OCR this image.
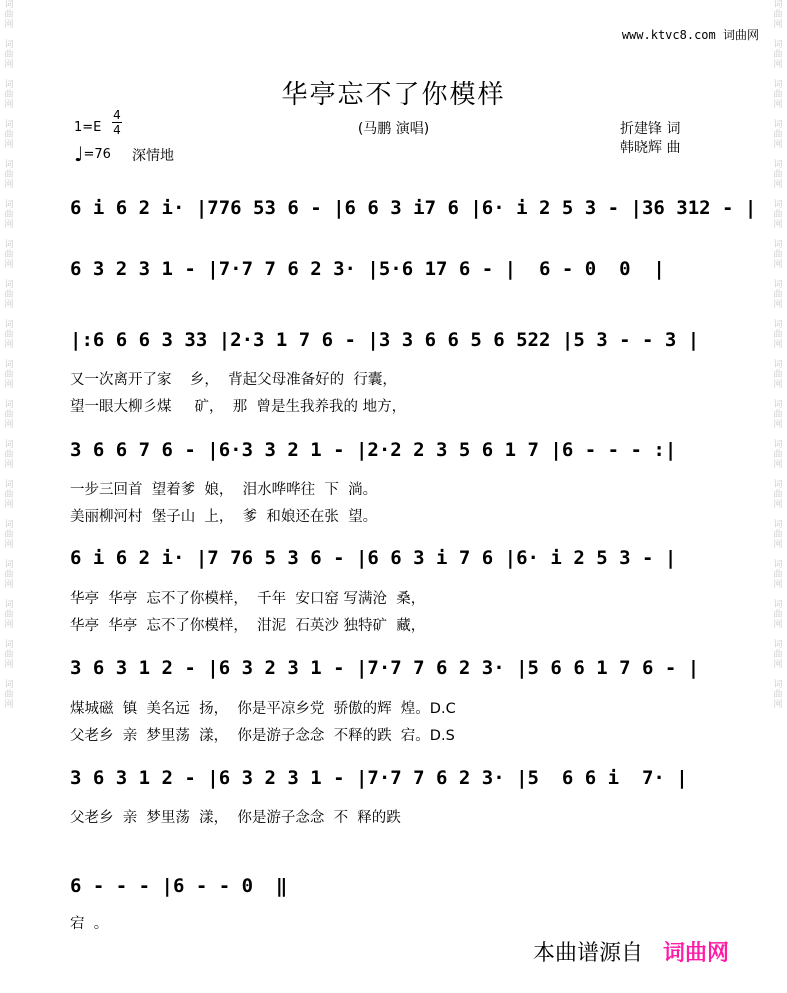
词
曲
网

词
曲
网

词
曲
网

词
曲
网

词
曲
网

词
曲
网

词
曲
网

词
曲
网

词
曲
网

词
曲
网

词
曲
网

词
曲
网

词
曲
网

词
曲
网

词
曲
网

词
曲
网

词
曲
网

词
曲
网
词
曲
网

词
曲
网

词
曲
网

词
曲
网

词
曲
网

词
曲
网

词
曲
网

词
曲
网

词
曲
网

词
曲
网

词
曲
网

词
曲
网

词
曲
网

词
曲
网

词
曲
网

词
曲
网

词
曲
网

词
曲
网
www.ktvc8.com 词曲网
华亭忘不了你模样
(马鹏 演唱)	折建锋 词
韩晓辉 曲
1=E
4
4
♩=76 深情地
6 i 6 2 i· |776 53 6 - |6 6 3 i7 6 |6· i 2 5 3 - |36 312 - |
6 3 2 3 1 - |7·7 7 6 2 3· |5·6 17 6 - |  6 - 0  0  |
|:6 6 6 3 33 |2·3 1 7 6 - |3 3 6 6 5 6 522 |5 3 - - 3 |
又一次离开了家    乡，  背起父母准备好的  行囊，
望一眼大柳彡煤     矿，  那  曾是生我养我的 地方，
3 6 6 7 6 - |6·3 3 2 1 - |2·2 2 3 5 6 1 7 |6 - - - :|
一步三回首  望着爹  娘，  泪水哗哗往  下  淌。
美丽柳河村  堡子山  上，  爹  和娘还在张  望。
6 i 6 2 i· |7 76 5 3 6 - |6 6 3 i 7 6 |6· i 2 5 3 - |
华亭  华亭  忘不了你模样，  千年  安口窑 写满沧  桑，
华亭  华亭  忘不了你模样，  泔泥  石英沙 独特矿  藏，
3 6 3 1 2 - |6 3 2 3 1 - |7·7 7 6 2 3· |5 6 6 1 7 6 - |
煤城磁  镇  美名远  扬，  你是平凉乡党  骄傲的辉  煌。D.C
父老乡  亲  梦里荡  漾，  你是游子念念  不释的跌  宕。D.S
3 6 3 1 2 - |6 3 2 3 1 - |7·7 7 6 2 3· |5  6 6 i  7· |
父老乡  亲  梦里荡  漾，  你是游子念念  不  释的跌
6 - - - |6 - - 0  ‖
宕  。
本曲谱源自 词曲网
